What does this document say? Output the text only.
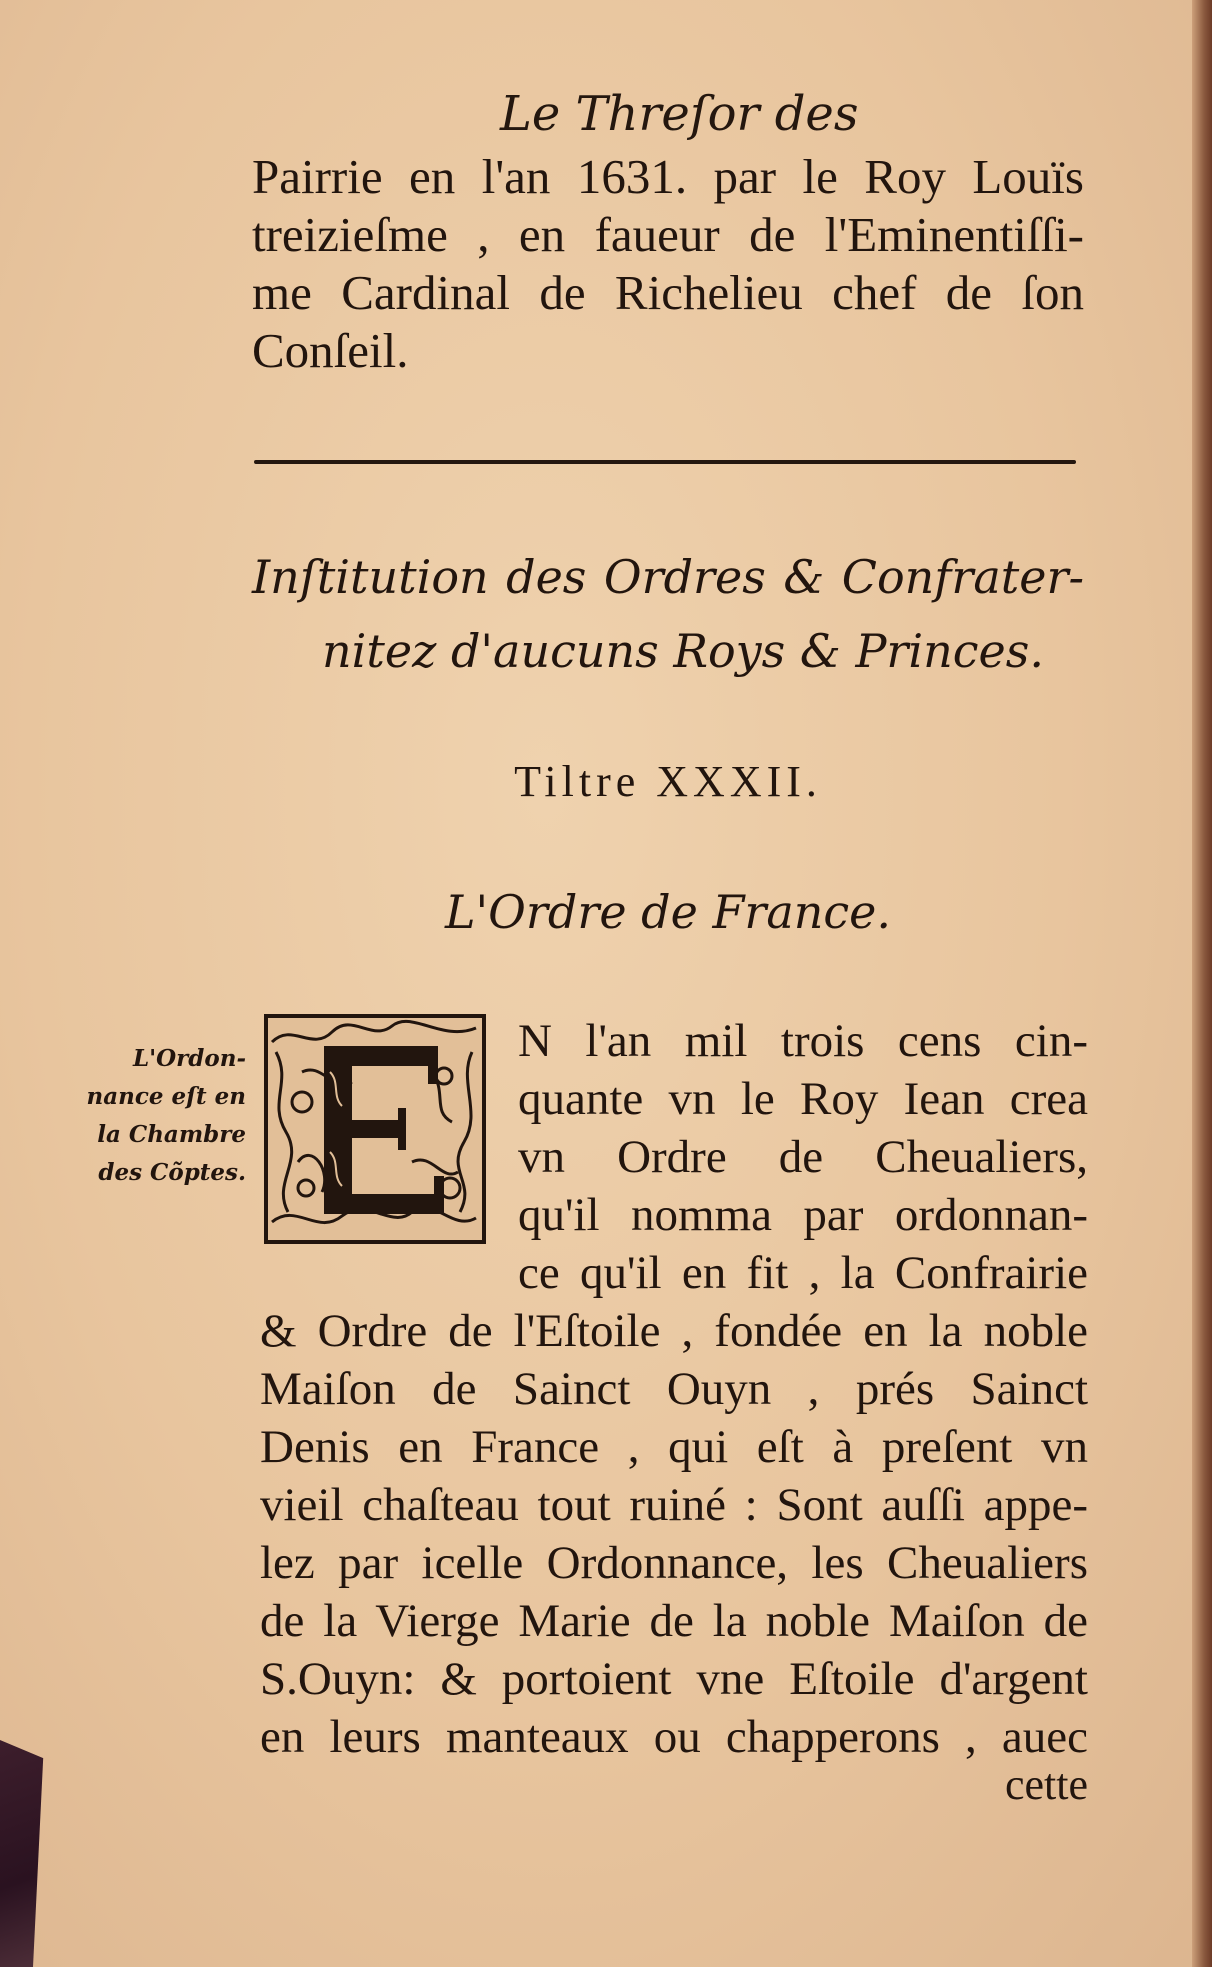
Le Threſor des
Pairrie en l'an 1631. par le Roy Louïs
treizieſme , en faueur de l'Eminentiſſi-
me Cardinal de Richelieu chef de ſon
Conſeil.
Inſtitution des Ordres & Confrater-
nitez d'aucuns Roys & Princes.
Tiltre XXXII.
L'Ordre de France.
L'Ordon-
nance eſt en
la Chambre
des Cõptes.
N l'an mil trois cens cin-
quante vn le Roy Iean crea
vn Ordre de Cheualiers,
qu'il nomma par ordonnan-
ce qu'il en fit , la Confrairie
& Ordre de l'Eſtoile , fondée en la noble
Maiſon de Sainct Ouyn , prés Sainct
Denis en France , qui eſt à preſent vn
vieil chaſteau tout ruiné : Sont auſſi appe-
lez par icelle Ordonnance, les Cheualiers
de la Vierge Marie de la noble Maiſon de
S.Ouyn: & portoient vne Eſtoile d'argent
en leurs manteaux ou chapperons , auec
cette
